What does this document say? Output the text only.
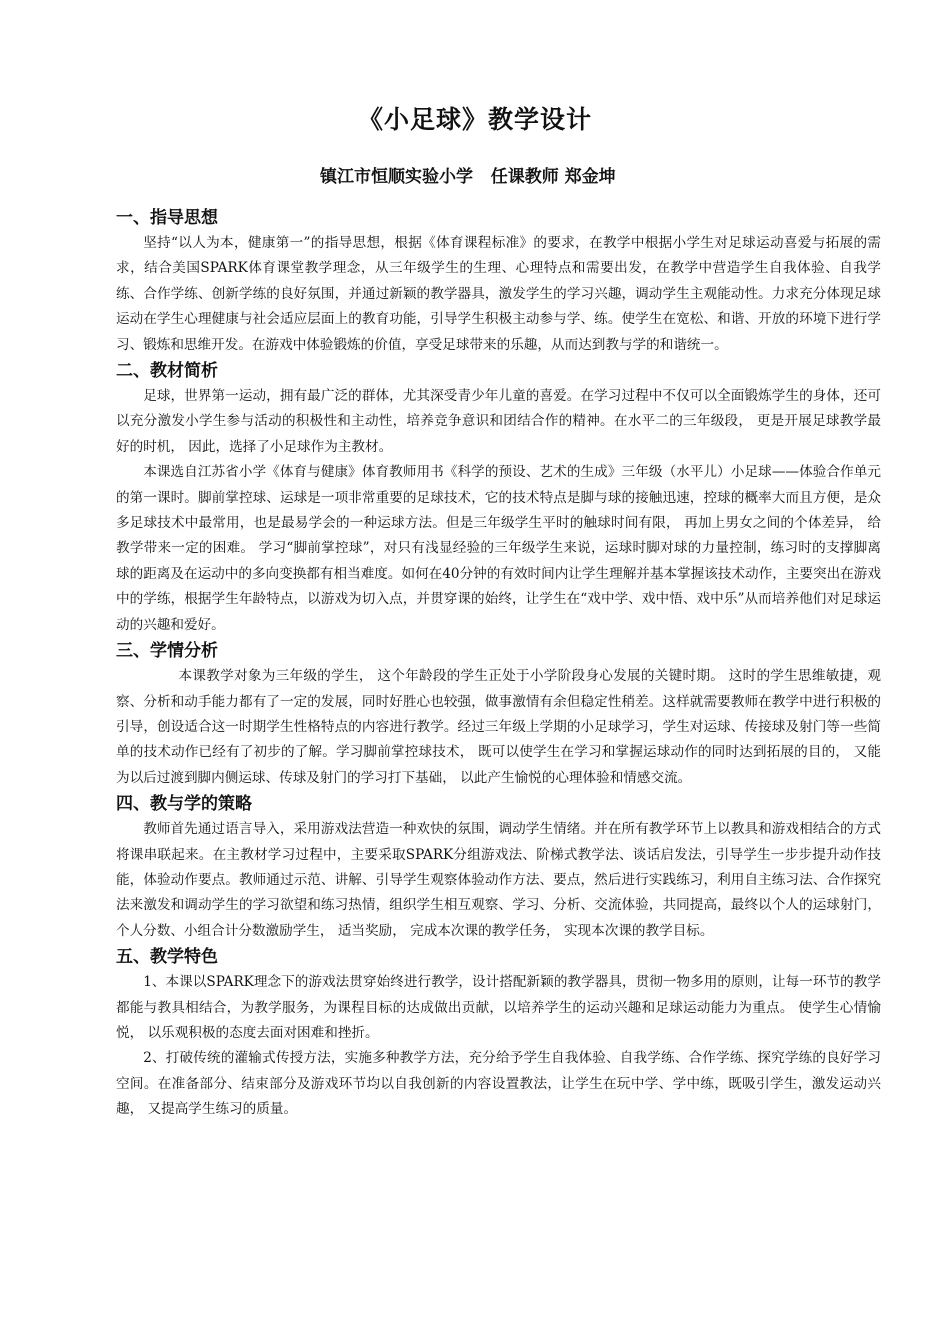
《小足球》教学设计
镇江市恒顺实验小学   任课教师 郑金坤
一、指导思想

坚持“以人为本，健康第一”的指导思想，根据《体育课程标准》的要求，在教学中根据小学生对足球运动喜爱与拓展的需求，结合美国SPARK体育课堂教学理念，从三年级学生的生理、心理特点和需要出发，在教学中营造学生自我体验、自我学练、合作学练、创新学练的良好氛围，并通过新颖的教学器具，激发学生的学习兴趣，调动学生主观能动性。力求充分体现足球运动在学生心理健康与社会适应层面上的教育功能，引导学生积极主动参与学、练。使学生在宽松、和谐、开放的环境下进行学习、锻炼和思维开发。在游戏中体验锻炼的价值，享受足球带来的乐趣，从而达到教与学的和谐统一。

二、教材简析

足球，世界第一运动，拥有最广泛的群体，尤其深受青少年儿童的喜爱。在学习过程中不仅可以全面锻炼学生的身体，还可以充分激发小学生参与活动的积极性和主动性，培养竞争意识和团结合作的精神。在水平二的三年级段， 更是开展足球教学最好的时机， 因此，选择了小足球作为主教材。

本课选自江苏省小学《体育与健康》体育教师用书《科学的预设、艺术的生成》三年级（水平儿）小足球——体验合作单元的第一课时。脚前掌控球、运球是一项非常重要的足球技术，它的技术特点是脚与球的接触迅速，控球的概率大而且方便，是众多足球技术中最常用，也是最易学会的一种运球方法。但是三年级学生平时的触球时间有限， 再加上男女之间的个体差异， 给教学带来一定的困难。 学习“脚前掌控球”，对只有浅显经验的三年级学生来说，运球时脚对球的力量控制，练习时的支撑脚离球的距离及在运动中的多向变换都有相当难度。如何在40分钟的有效时间内让学生理解并基本掌握该技术动作，主要突出在游戏中的学练，根据学生年龄特点，以游戏为切入点，并贯穿课的始终，让学生在“戏中学、戏中悟、戏中乐”从而培养他们对足球运动的兴趣和爱好。

三、学情分析

本课教学对象为三年级的学生， 这个年龄段的学生正处于小学阶段身心发展的关键时期。 这时的学生思维敏捷，观察、分析和动手能力都有了一定的发展，同时好胜心也较强，做事激情有余但稳定性稍差。这样就需要教师在教学中进行积极的引导，创设适合这一时期学生性格特点的内容进行教学。经过三年级上学期的小足球学习，学生对运球、传接球及射门等一些简单的技术动作已经有了初步的了解。学习脚前掌控球技术， 既可以使学生在学习和掌握运球动作的同时达到拓展的目的， 又能为以后过渡到脚内侧运球、传球及射门的学习打下基础， 以此产生愉悦的心理体验和情感交流。

四、教与学的策略

教师首先通过语言导入，采用游戏法营造一种欢快的氛围，调动学生情绪。并在所有教学环节上以教具和游戏相结合的方式将课串联起来。在主教材学习过程中，主要采取SPARK分组游戏法、阶梯式教学法、谈话启发法，引导学生一步步提升动作技能，体验动作要点。教师通过示范、讲解、引导学生观察体验动作方法、要点，然后进行实践练习，利用自主练习法、合作探究法来激发和调动学生的学习欲望和练习热情，组织学生相互观察、学习、分析、交流体验，共同提高，最终以个人的运球射门，个人分数、小组合计分数激励学生， 适当奖励， 完成本次课的教学任务， 实现本次课的教学目标。

五、教学特色

1、本课以SPARK理念下的游戏法贯穿始终进行教学，设计搭配新颖的教学器具，贯彻一物多用的原则，让每一环节的教学都能与教具相结合，为教学服务，为课程目标的达成做出贡献，以培养学生的运动兴趣和足球运动能力为重点。 使学生心情愉悦， 以乐观积极的态度去面对困难和挫折。

2、打破传统的灌输式传授方法，实施多种教学方法，充分给予学生自我体验、自我学练、合作学练、探究学练的良好学习空间。在准备部分、结束部分及游戏环节均以自我创新的内容设置教法，让学生在玩中学、学中练，既吸引学生，激发运动兴趣， 又提高学生练习的质量。
